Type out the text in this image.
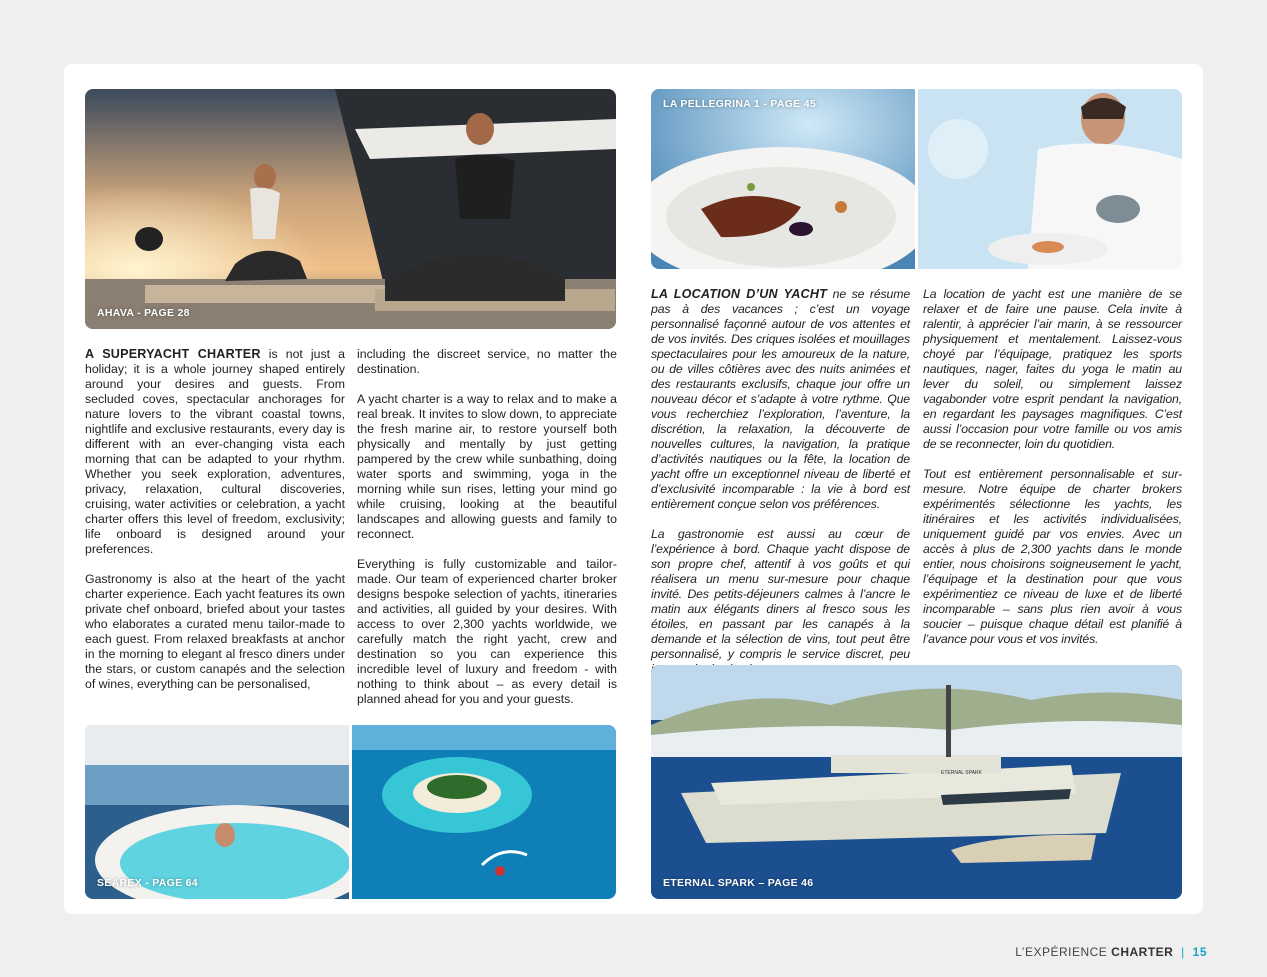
AHAVA - PAGE 28
LA PELLEGRINA 1 - PAGE 45

A SUPERYACHT CHARTER is not just a holiday; it is a whole journey shaped entirely around your desires and guests. From secluded coves, spectacular anchorages for nature lovers to the vibrant coastal towns, nightlife and exclusive restaurants, every day is different with an ever-changing vista each morning that can be adapted to your rhythm. Whether you seek exploration, adventures, privacy, relaxation, cultural discoveries, cruising, water activities or celebration, a yacht charter offers this level of freedom, exclusivity; life onboard is designed around your preferences.

Gastronomy is also at the heart of the yacht charter experience. Each yacht features its own private chef onboard, briefed about your tastes who elaborates a curated menu tailor-made to each guest. From relaxed breakfasts at anchor in the morning to elegant al fresco diners under the stars, or custom canapés and the selection of wines, everything can be personalised,

including the discreet service, no matter the destination.

A yacht charter is a way to relax and to make a real break. It invites to slow down, to appreciate the fresh marine air, to restore yourself both physically and mentally by just getting pampered by the crew while sunbathing, doing water sports and swimming, yoga in the morning while sun rises, letting your mind go while cruising, looking at the beautiful landscapes and allowing guests and family to reconnect.

Everything is fully customizable and tailor-made. Our team of experienced charter broker designs bespoke selection of yachts, itineraries and activities, all guided by your desires. With access to over 2,300 yachts worldwide, we carefully match the right yacht, crew and destination so you can experience this incredible level of luxury and freedom - with nothing to think about – as every detail is planned ahead for you and your guests.

LA LOCATION D’UN YACHT ne se résume pas à des vacances ; c’est un voyage personnalisé façonné autour de vos attentes et de vos invités. Des criques isolées et mouillages spectaculaires pour les amoureux de la nature, ou de villes côtières avec des nuits animées et des restaurants exclusifs, chaque jour offre un nouveau décor et s’adapte à votre rythme. Que vous recherchiez l’exploration, l’aventure, la discrétion, la relaxation, la découverte de nouvelles cultures, la navigation, la pratique d’activités nautiques ou la fête, la location de yacht offre un exceptionnel niveau de liberté et d’exclusivité incomparable : la vie à bord est entièrement conçue selon vos préférences.

La gastronomie est aussi au cœur de l’expérience à bord. Chaque yacht dispose de son propre chef, attentif à vos goûts et qui réalisera un menu sur-mesure pour chaque invité. Des petits-déjeuners calmes à l’ancre le matin aux élégants diners al fresco sous les étoiles, en passant par les canapés à la demande et la sélection de vins, tout peut être personnalisé, y compris le service discret, peu

La location de yacht est une manière de se relaxer et de faire une pause. Cela invite à ralentir, à apprécier l’air marin, à se ressourcer physiquement et mentalement. Laissez-vous choyé par l’équipage, pratiquez les sports nautiques, nager, faites du yoga le matin au lever du soleil, ou simplement laissez vagabonder votre esprit pendant la navigation, en regardant les paysages magnifiques. C’est aussi l’occasion pour votre famille ou vos amis de se reconnecter, loin du quotidien.

Tout est entièrement personnalisable et sur-mesure. Notre équipe de charter brokers expérimentés sélectionne les yachts, les itinéraires et les activités individualisées, uniquement guidé par vos envies. Avec un accès à plus de 2,300 yachts dans le monde entier, nous choisirons soigneusement le yacht, l’équipage et la destination pour que vous expérimentiez ce niveau de luxe et de liberté incomparable – sans plus rien avoir à vous soucier – puisque chaque détail est planifié à l’avance pour vous et vos invités.

SEAREX - PAGE 64
ETERNAL SPARK
ETERNAL SPARK – PAGE 46
L’EXPÉRIENCE CHARTER | 15
